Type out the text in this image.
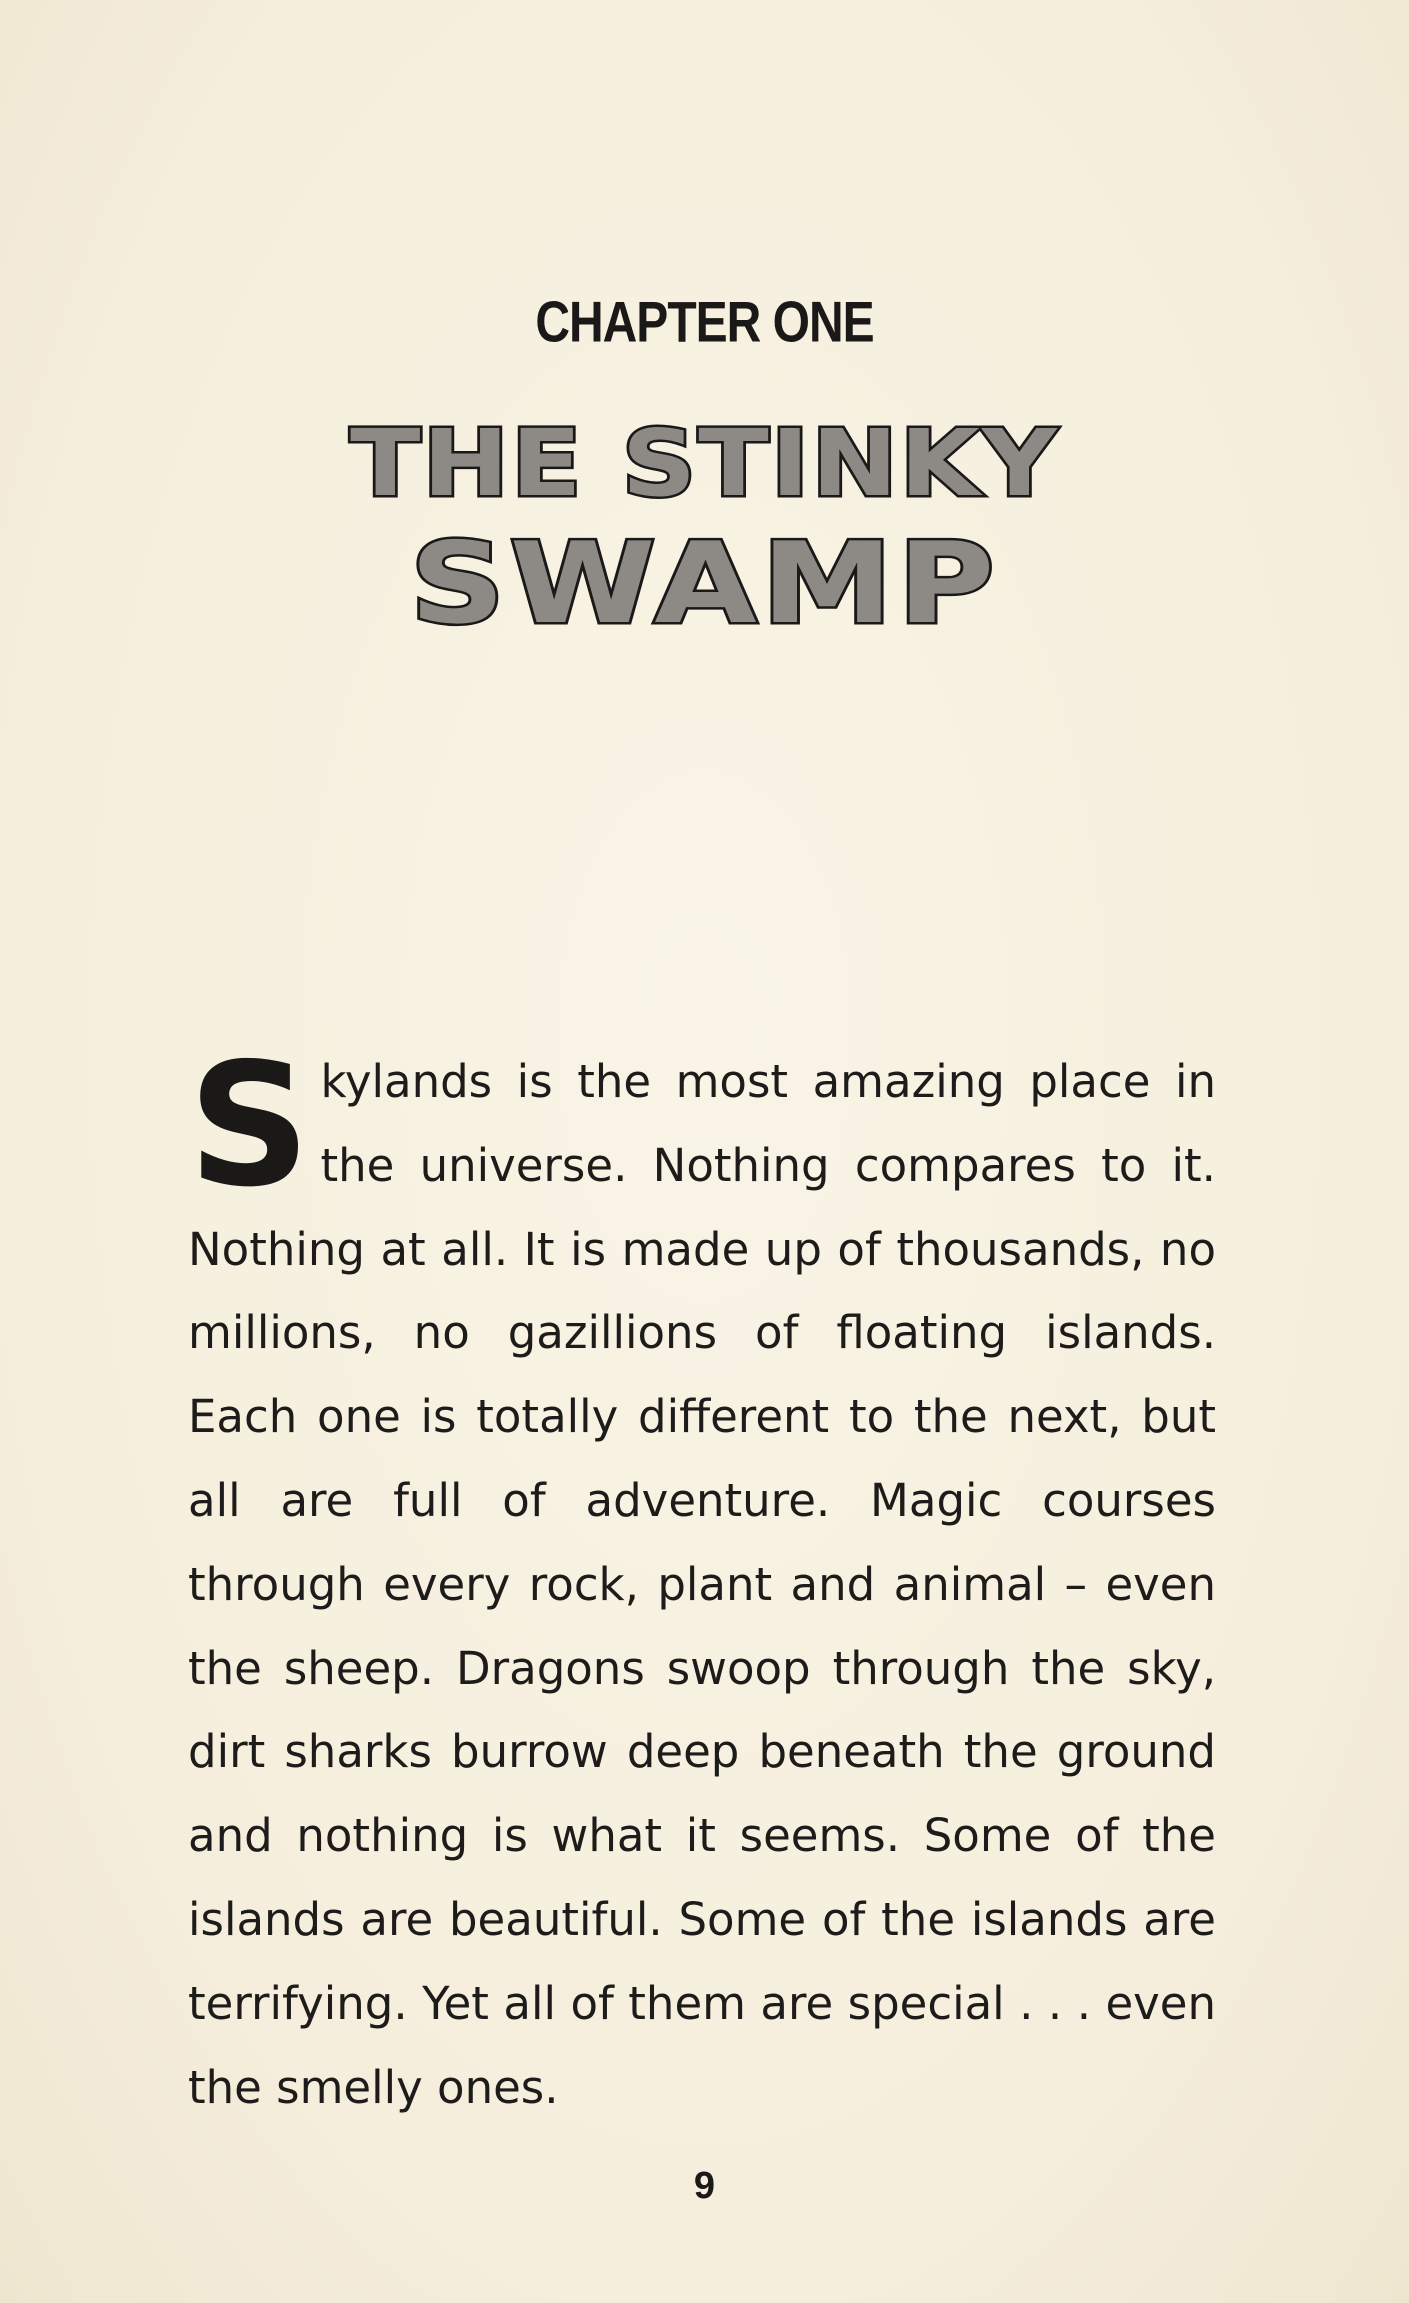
CHAPTER ONE
THE STINKY
SWAMP

Skylands is the most amazing place in the universe. Nothing compares to it. Nothing at all. It is made up of thousands, no millions, no gazillions of floating islands. Each one is totally different to the next, but all are full of adventure. Magic courses through every rock, plant and animal – even the sheep. Dragons swoop through the sky, dirt sharks burrow deep beneath the ground and nothing is what it seems. Some of the islands are beautiful. Some of the islands are terrifying. Yet all of them are special . . . even the smelly ones.

9
